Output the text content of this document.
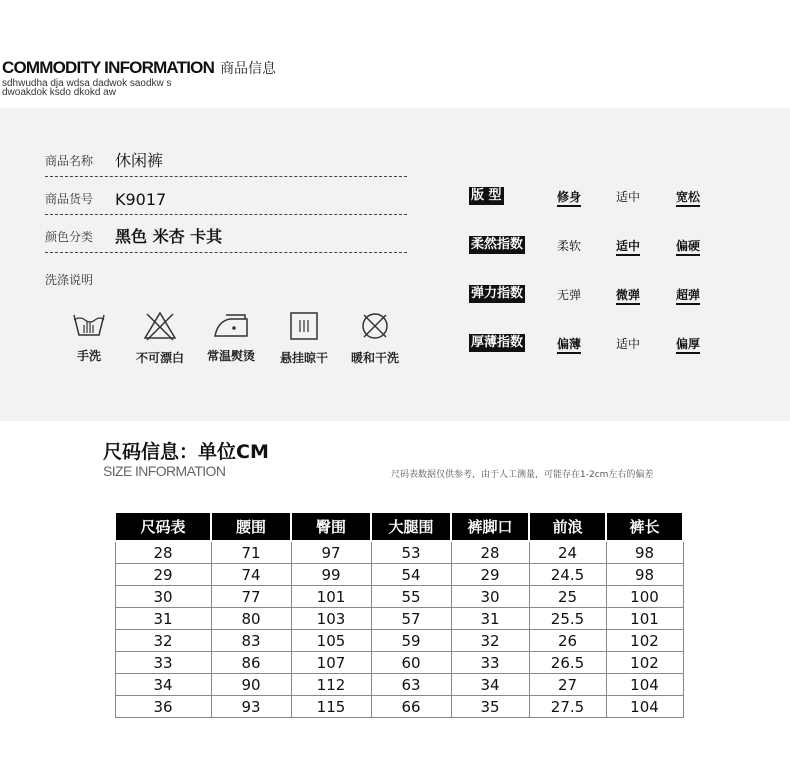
COMMODITY INFORMATION 商品信息
sdhwudha dja wdsa dadwok saodkw s
dwoakdok ksdo dkokd aw
商品名称 休闲裤
商品货号 K9017
颜色分类 黑色 米杏 卡其
洗涤说明
手洗	不可漂白	常温熨烫	悬挂晾干	暖和干洗
版 型	修身	适中	宽松
柔然指数	柔软	适中	偏硬
弹力指数	无弹	微弹	超弹
厚薄指数	偏薄	适中	偏厚
尺码信息：单位CM
SIZE INFORMATION	尺码表数据仅供参考，由于人工测量，可能存在1-2cm左右的偏差
尺码表	腰围	臀围	大腿围	裤脚口	前浪	裤长
28	71	97	53	28	24	98
29	74	99	54	29	24.5	98
30	77	101	55	30	25	100
31	80	103	57	31	25.5	101
32	83	105	59	32	26	102
33	86	107	60	33	26.5	102
34	90	112	63	34	27	104
36	93	115	66	35	27.5	104
